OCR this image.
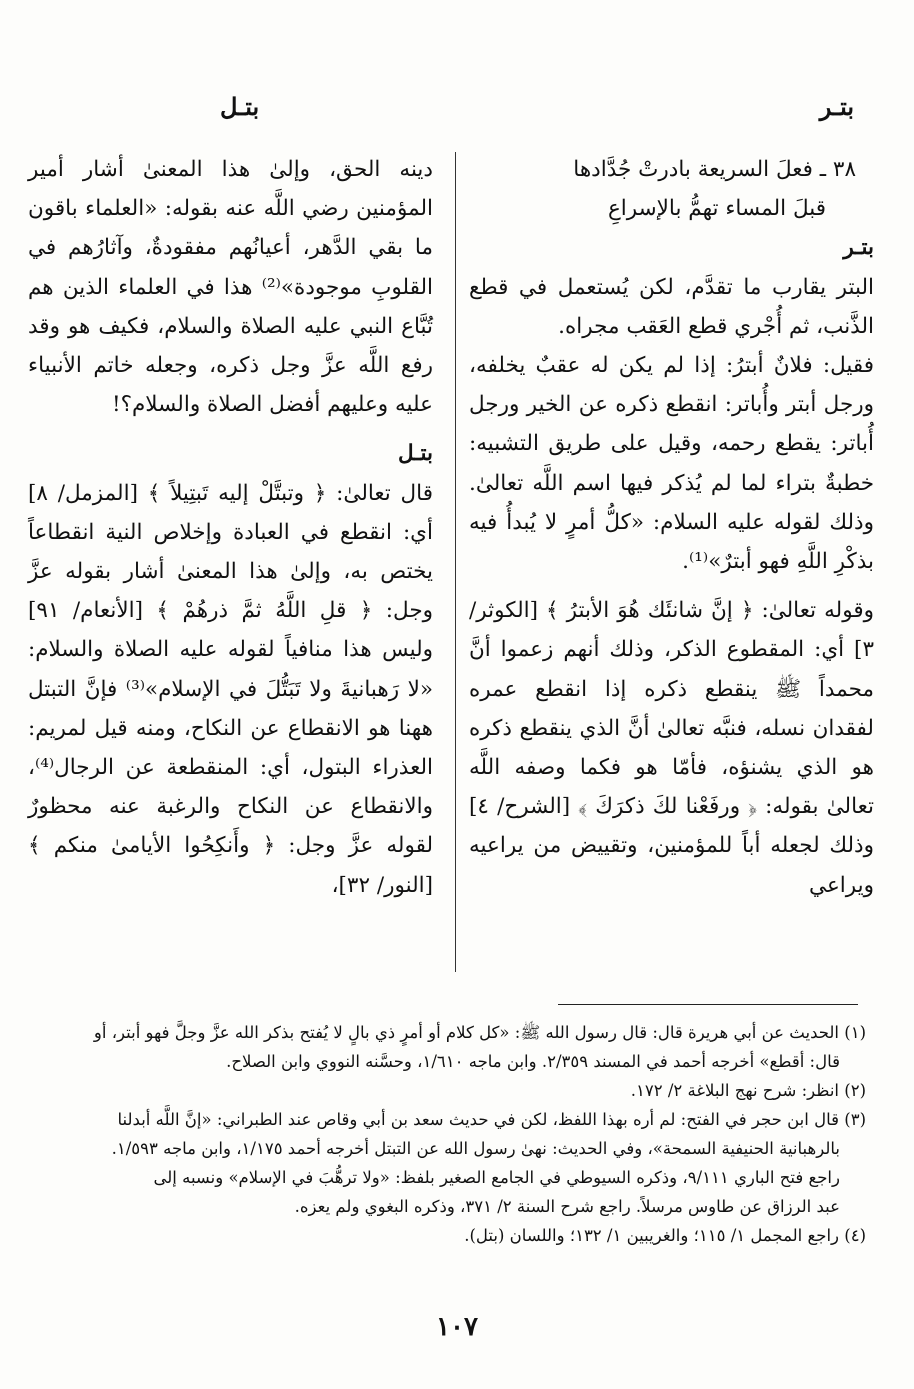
بتـر
بتـل
٣٨ ـ فعلَ السريعة بادرتْ جُدَّادها
قبلَ المساء تهمُّ بالإسراعِ

بتـر

البتر يقارب ما تقدَّم، لكن يُستعمل في قطع الذَّنب، ثم أُجْري قطع العَقب مجراه.

فقيل: فلانٌ أبترُ: إذا لم يكن له عقبٌ يخلفه، ورجل أبتر وأُباتر: انقطع ذكره عن الخير ورجل أُباتر: يقطع رحمه، وقيل على طريق التشبيه: خطبةٌ بتراء لما لم يُذكر فيها اسم اللَّه تعالىٰ. وذلك لقوله عليه السلام: «كلُّ أمرٍ لا يُبدأُ فيه بذكْرِ اللَّهِ فهو أبترٌ»⁽¹⁾.

وقوله تعالىٰ: ﴿ إنَّ شانئَك هُوَ الأبترُ ﴾ [الكوثر/ ٣] أي: المقطوع الذكر، وذلك أنهم زعموا أنَّ محمداً ﷺ ينقطع ذكره إذا انقطع عمره لفقدان نسله، فنبَّه تعالىٰ أنَّ الذي ينقطع ذكره هو الذي يشنؤه، فأمّا هو فكما وصفه اللَّه تعالىٰ بقوله: ﴿ ورفَعْنا لكَ ذكرَكَ ﴾ [الشرح/ ٤] وذلك لجعله أباً للمؤمنين، وتقييض من يراعيه ويراعي

دينه الحق، وإلىٰ هذا المعنىٰ أشار أمير المؤمنين رضي اللَّه عنه بقوله: «العلماء باقون ما بقي الدَّهر، أعيانُهم مفقودةٌ، وآثارُهم في القلوبِ موجودة»⁽²⁾ هذا في العلماء الذين هم تُبَّاع النبي عليه الصلاة والسلام، فكيف هو وقد رفع اللَّه عزَّ وجل ذكره، وجعله خاتم الأنبياء عليه وعليهم أفضل الصلاة والسلام؟!

بتـل

قال تعالىٰ: ﴿ وتبتَّلْ إليه تَبتِيلاً ﴾ [المزمل/ ٨] أي: انقطع في العبادة وإخلاص النية انقطاعاً يختص به، وإلىٰ هذا المعنىٰ أشار بقوله عزَّ وجل: ﴿ قلِ اللَّهُ ثمَّ ذرهُمْ ﴾ [الأنعام/ ٩١] وليس هذا منافياً لقوله عليه الصلاة والسلام: «لا رَهبانيةَ ولا تَبَتُّلَ في الإسلام»⁽³⁾ فإنَّ التبتل ههنا هو الانقطاع عن النكاح، ومنه قيل لمريم: العذراء البتول، أي: المنقطعة عن الرجال⁽⁴⁾، والانقطاع عن النكاح والرغبة عنه محظورٌ لقوله عزَّ وجل: ﴿ وأَنكِحُوا الأيامىٰ منكم ﴾ [النور/ ٣٢]،

(١) الحديث عن أبي هريرة قال: قال رسول الله ﷺ: «كل كلام أو أمرٍ ذي بالٍ لا يُفتح بذكر الله عزَّ وجلَّ فهو أبتر، أو

قال: أقطع» أخرجه أحمد في المسند ٢/٣٥٩. وابن ماجه ١/٦١٠، وحسَّنه النووي وابن الصلاح.

(٢) انظر: شرح نهج البلاغة ٢/ ١٧٢.

(٣) قال ابن حجر في الفتح: لم أره بهذا اللفظ، لكن في حديث سعد بن أبي وقاص عند الطبراني: «إنَّ اللَّه أبدلنا

بالرهبانية الحنيفية السمحة»، وفي الحديث: نهىٰ رسول الله عن التبتل أخرجه أحمد ١/١٧٥، وابن ماجه ١/٥٩٣.

راجع فتح الباري ٩/١١١، وذكره السيوطي في الجامع الصغير بلفظ: «ولا ترهُّبَ في الإسلام» ونسبه إلى

عبد الرزاق عن طاوس مرسلاً. راجع شرح السنة ٢/ ٣٧١، وذكره البغوي ولم يعزه.

(٤) راجع المجمل ١/ ١١٥؛ والغريبين ١/ ١٣٢؛ واللسان (بتل).

١٠٧
